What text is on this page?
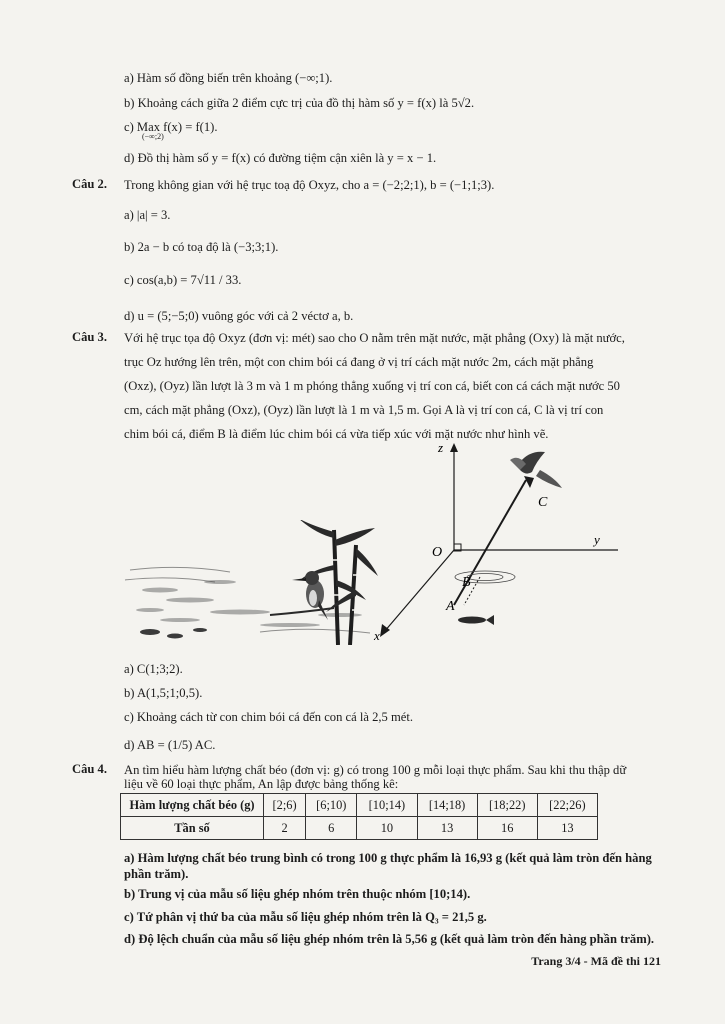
a) Hàm số đồng biến trên khoảng (−∞;1).
b) Khoảng cách giữa 2 điểm cực trị của đồ thị hàm số y = f(x) là 5√2.
c) Max f(x) = f(1).
(−∞;2)
d) Đồ thị hàm số y = f(x) có đường tiệm cận xiên là y = x − 1.
Câu 2. Trong không gian với hệ trục toạ độ Oxyz, cho a = (−2;2;1), b = (−1;1;3).
a) |a| = 3.
b) 2a − b có toạ độ là (−3;3;1).
c) cos(a,b) = 7√11 / 33.
d) u = (5;−5;0) vuông góc với cả 2 véctơ a, b.
Câu 3. Với hệ trục tọa độ Oxyz (đơn vị: mét) sao cho O nằm trên mặt nước, mặt phẳng (Oxy) là mặt nước,
trục Oz hướng lên trên, một con chim bói cá đang ở vị trí cách mặt nước 2m, cách mặt phẳng
(Oxz), (Oyz) lần lượt là 3 m và 1 m phóng thẳng xuống vị trí con cá, biết con cá cách mặt nước 50
cm, cách mặt phẳng (Oxz), (Oyz) lần lượt là 1 m và 1,5 m. Gọi A là vị trí con cá, C là vị trí con
chim bói cá, điểm B là điểm lúc chim bói cá vừa tiếp xúc với mặt nước như hình vẽ.
z
y
x
O
C
B
A
a) C(1;3;2).
b) A(1,5;1;0,5).
c) Khoảng cách từ con chim bói cá đến con cá là 2,5 mét.
d) AB = (1/5) AC.
Câu 4. An tìm hiểu hàm lượng chất béo (đơn vị: g) có trong 100 g mỗi loại thực phẩm. Sau khi thu thập dữ
liệu về 60 loại thực phẩm, An lập được bảng thống kê:
Hàm lượng chất béo (g)	[2;6)	[6;10)	[10;14)	[14;18)	[18;22)	[22;26)
Tần số	2	6	10	13	16	13
a) Hàm lượng chất béo trung bình có trong 100 g thực phẩm là 16,93 g (kết quả làm tròn đến hàng
phần trăm).
b) Trung vị của mẫu số liệu ghép nhóm trên thuộc nhóm [10;14).
c) Tứ phân vị thứ ba của mẫu số liệu ghép nhóm trên là Q₃ = 21,5 g.
d) Độ lệch chuẩn của mẫu số liệu ghép nhóm trên là 5,56 g (kết quả làm tròn đến hàng phần trăm).
Trang 3/4 - Mã đề thi 121
